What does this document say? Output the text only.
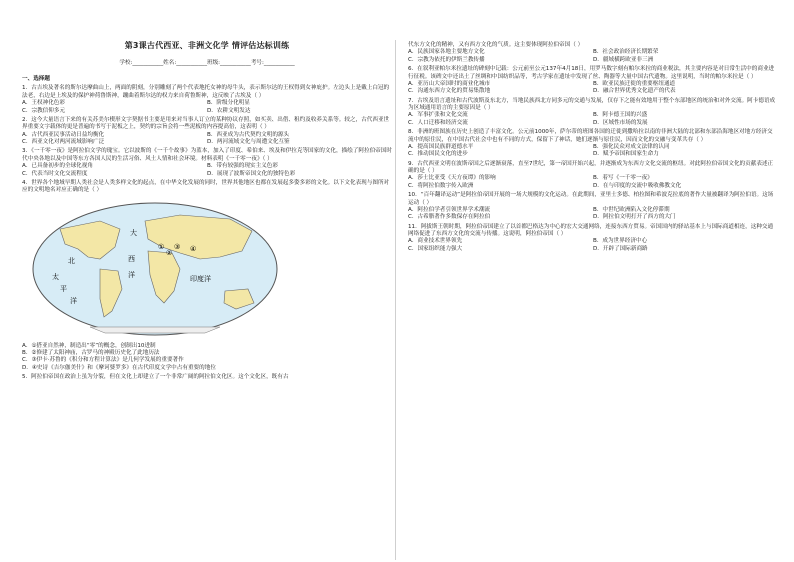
第3课古代西亚、非洲文化学 情评估达标训练
学校:___________姓名:___________班级:___________考号:___________
一、选择题
1．古吉埃及著名的斯尔达摩曲山上，两面的阴刻，分别雕刻了两个代表地托女神的母牛头，表示斯尔达的王权得到女神庇护。左边头上是戴上白冠的法老，右边是上埃及的保护神荷鲁斯神，蹦曲着斯尔达的权力来自荷鲁斯神，这反映了古埃及（ ）
A．王权神化色彩	B．阶级分化明显
C．宗教信仰多元	D．农耕文明发达
2．这今大量语言下来的有关苏美尔楔形文字契据书主要是用来对当事人订立的某种协议存照，如买卖、出借、租约及收养关系等。较之，古代西亚世界重要文字载体的更是普遍的书写于泥板之上，契约的宗旨会将一些泥板的内容提高倍，这表明（ ）
A．古代西亚民事活动日益均衡化	B．西亚成为古代契约文明的源头
C．西亚文化对两河流域影响广泛	D．两河流域文化与周遭文化互鉴
3．《一千零一夜》是阿拉伯文学的瑰宝。它以波斯的《一千个故事》为蓝本，加入了印度、希伯来、埃及和伊拉克等国家的文化，描绘了阿拉伯帝国时代中央各地以及中国等东方各国人民的生活习俗、风土人情和社会环境。材料表明《一千零一夜》（ ）
A．已具备初步的全球化视角	B．带有较强的现实主义色彩
C．代表当时文化交流程度	D．展现了波斯帝国文化的独特色彩
4．世界各个地域早期人类社会是人类多样文化的起点，在中华文化发展的同时，世界其他地区也都在发展起多姿多彩的文化。以下文化表现与图所对应的文明地名对应正确的是（ ）
北
大
太
平
洋
印度洋
西
洋
①
②
③ ④
A．①搭亚自然神，制造出“零”的概念，创制出10进制
B．②修建了太阳神庙，古罗马的神殿历史化了此地历法
C．③伊卡·苏鲁的《积分和方程计算法》是几何学发展的重要著作
D．④史诗《吉尔伽美什》和《摩诃婆罗多》在古代印度文学中占有重要的地位
5．阿拉伯帝国在政治上虽为分裂，但在文化上却建立了一个非常广阔的阿拉伯文化区。这个文化区，既有古
代东方文化的精神，又有西方文化的气质。这主要体现阿拉伯帝国（ ）
A．民族国家各地主要地方文化	B．社会政治经济长期繁荣
C．宗教为依托的伊斯兰教传播	D．疆域横跨欧亚非三洲
6．在叙利亚帕尔米拉遗址的碑刻中记载：公元前至公元137年4月18日，用罗马数字刻有帕尔米拉的商业税法，其主要内容是对日常生活中的商业进行征税。该碑文中还出土了丝绸和中国纺织品等，考古学家在遗址中发现了丝、陶器等大量中国古代遗物。这里说明，当时的帕尔米拉是（ ）
A．亚历山大帝国时的商业化城市	B．欧亚民族迁徙的重要枢纽通道
C．沟通东西方文化的贸易集散地	D．融合世界优秀文化遗产的代表
7．古埃及语言遗址和古代波斯及东北方，当地民族西北方同多元的交通与发展，仅存下之能有效地用于整个东部地区的统治和对外交流。阿卡德语成为区域通用语言的主要原因是（ ）
A．军事扩张和文化交流	B．阿卡德王国的兴盛
C．人口迁移和经济交流	D．区域性市场的发展
8．非洲的班图族在历史上创造了丰富文化。公元前1000年，萨尔蒂的班图各国的迁徙到撒哈拉以南的非洲大陆的北部和东部沿海地区对地方经济交流中的原住民，在中国古代社会中也有不同的方式，保留下了神话，她们逐渐与原住民，因而文化的交融与变革共存（ ）
A．提高国民族群道德水平	B．强化民众对成文法律的认同
C．推动国民文化的进步	D．赋予帝国和国家生命力
9．古代西亚文明在波斯帝国之后逐渐衰落，直至7世纪，第一帝国开始兴起，并逐渐成为东西方文化交流的枢纽。对此阿拉伯帝国文化的贡献表述正确的是（ ）
A．莎士比亚受《天方夜谭》的影响	B．着写《一千零一夜》
C．将阿拉伯数字传入欧洲	D．在与印度的交流中吸收佛教文化
10．“百年翻译运动”是阿拉伯帝国开展的一场大规模的文化运动。在此期间，亚里士多德、柏拉图和希波克拉底的著作大量被翻译为阿拉伯语。这场运动（ ）
A．阿拉伯学者引领世界学术潮流	B．中世纪欧洲陷入文化停滞期
C．古希腊著作多数保存在阿拉伯	D．阿拉伯文明打开了西方的大门
11．阿拔斯王朝时期，阿拉伯帝国建立了以首都巴格达为中心的宏大交通网络，连接东西方贸易。帝国国内的驿站基本上与国际商道相连，这种交通网络促进了东西方文化的交流与传播。这说明，阿拉伯帝国（ ）
A．商业技术世界领先	B．成为世界经济中心
C．国家组织能力强大	D．开辟了国际新商路
